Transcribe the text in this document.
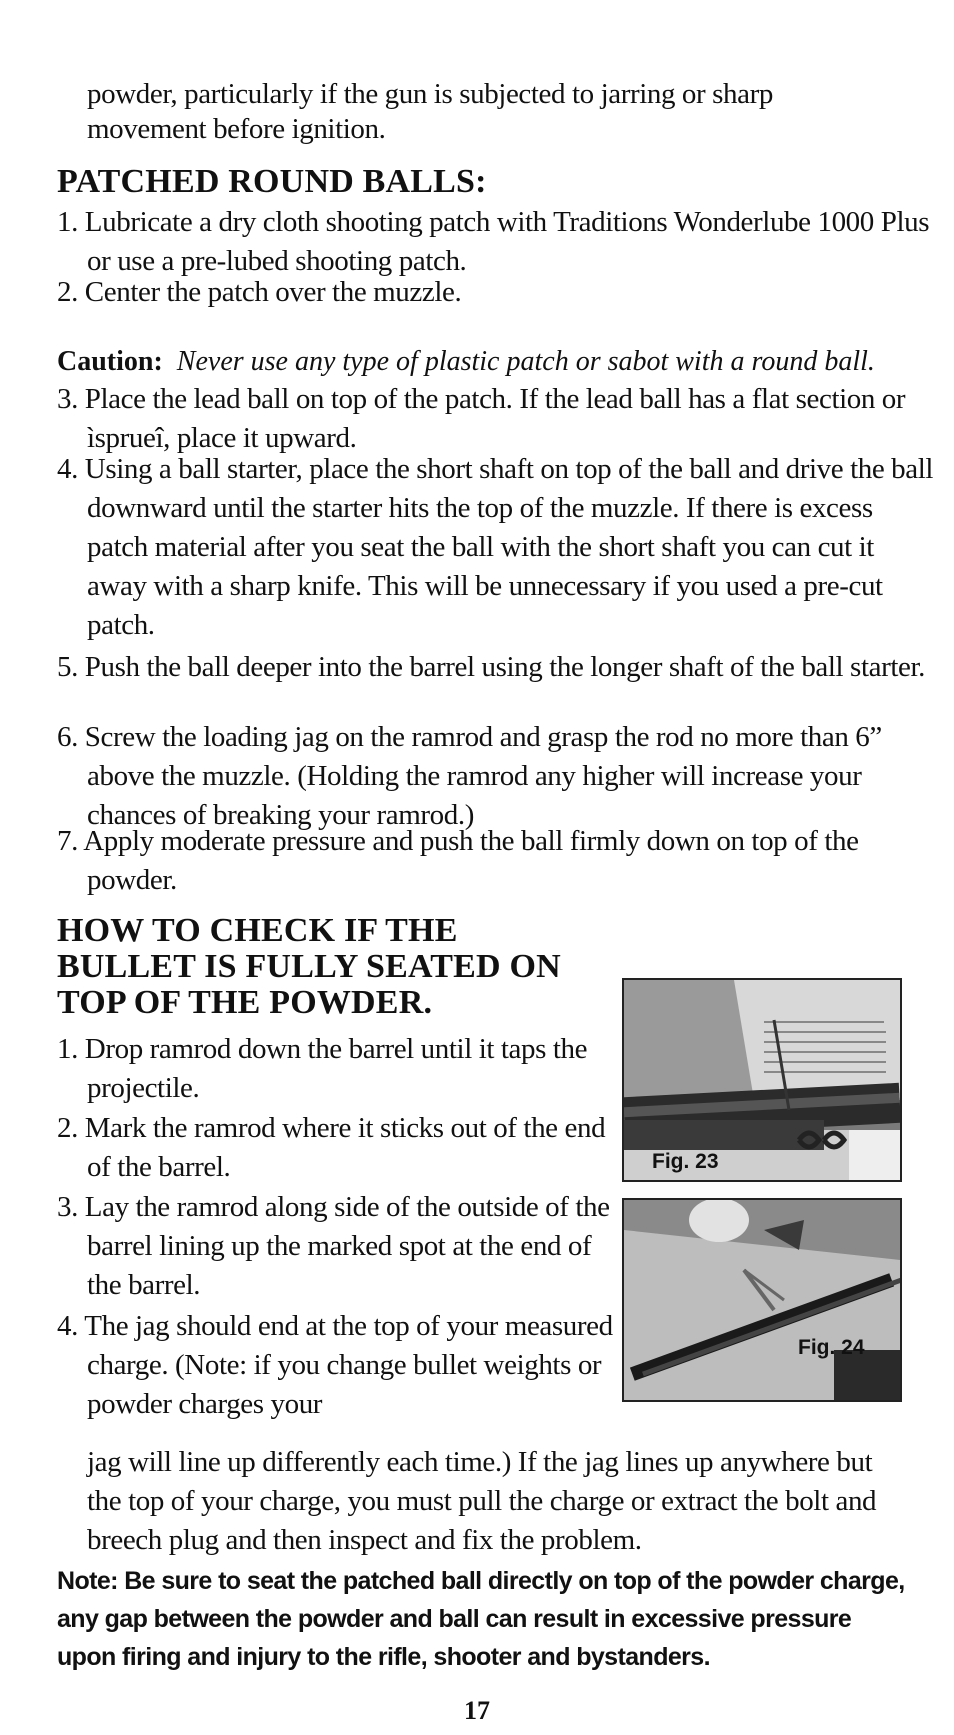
powder, particularly if the gun is subjected to jarring or sharp

movement before ignition.

PATCHED ROUND BALLS:

1. Lubricate a dry cloth shooting patch with Traditions Wonderlube 1000 Plus or use a pre-lubed shooting patch.

2. Center the patch over the muzzle.

Caution: Never use any type of plastic patch or sabot with a round ball.

3. Place the lead ball on top of the patch. If the lead ball has a flat section or ìspruеî, place it upward.

4. Using a ball starter, place the short shaft on top of the ball and drive the ball downward until the starter hits the top of the muzzle. If there is excess patch material after you seat the ball with the short shaft you can cut it away with a sharp knife. This will be unnecessary if you used a pre-cut patch.

5. Push the ball deeper into the barrel using the longer shaft of the ball starter.

6. Screw the loading jag on the ramrod and grasp the rod no more than 6” above the muzzle. (Holding the ramrod any higher will increase your chances of breaking your ramrod.)

7. Apply moderate pressure and push the ball firmly down on top of the powder.

HOW TO CHECK IF THE
BULLET IS FULLY SEATED ON
TOP OF THE POWDER.

1. Drop ramrod down the barrel until it taps the projectile.

2. Mark the ramrod where it sticks out of the end of the barrel.

3. Lay the ramrod along side of the outside of the barrel lining up the marked spot at the end of the barrel.

4. The jag should end at the top of your measured charge. (Note: if you change bullet weights or powder charges your

jag will line up differently each time.) If the jag lines up anywhere but the top of your charge, you must pull the charge or extract the bolt and breech plug and then inspect and fix the problem.

Fig. 23
Fig. 24

Note: Be sure to seat the patched ball directly on top of the powder charge, any gap between the powder and ball can result in excessive pressure upon firing and injury to the rifle, shooter and bystanders.

17
